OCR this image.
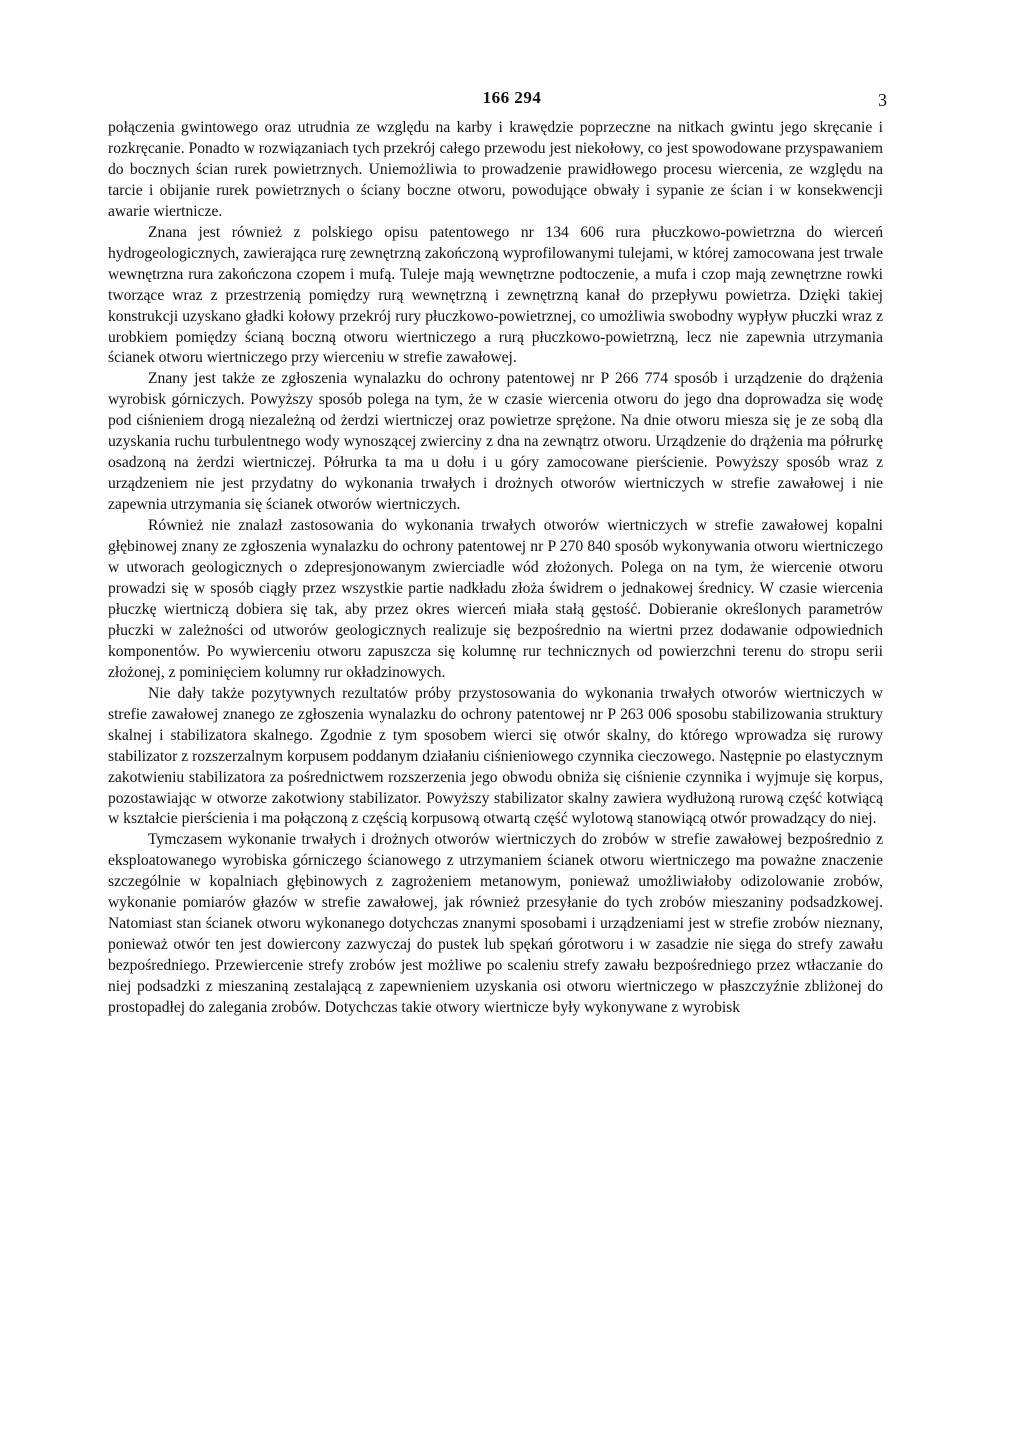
166 294	3

połączenia gwintowego oraz utrudnia ze względu na karby i krawędzie poprzeczne na nitkach gwintu jego skręcanie i rozkręcanie. Ponadto w rozwiązaniach tych przekrój całego przewodu jest niekołowy, co jest spowodowane przyspawaniem do bocznych ścian rurek powietrznych. Uniemożliwia to prowadzenie prawidłowego procesu wiercenia, ze względu na tarcie i obijanie rurek powietrznych o ściany boczne otworu, powodujące obwały i sypanie ze ścian i w konsekwencji awarie wiertnicze.

Znana jest również z polskiego opisu patentowego nr 134 606 rura płuczkowo-powietrzna do wierceń hydrogeologicznych, zawierająca rurę zewnętrzną zakończoną wyprofilowanymi tulejami, w której zamocowana jest trwale wewnętrzna rura zakończona czopem i mufą. Tuleje mają wewnętrzne podtoczenie, a mufa i czop mają zewnętrzne rowki tworzące wraz z przestrzenią pomiędzy rurą wewnętrzną i zewnętrzną kanał do przepływu powietrza. Dzięki takiej konstrukcji uzyskano gładki kołowy przekrój rury płuczkowo-powietrznej, co umożliwia swobodny wypływ płuczki wraz z urobkiem pomiędzy ścianą boczną otworu wiertniczego a rurą płuczkowo-powietrzną, lecz nie zapewnia utrzymania ścianek otworu wiertniczego przy wierceniu w strefie zawałowej.

Znany jest także ze zgłoszenia wynalazku do ochrony patentowej nr P 266 774 sposób i urządzenie do drążenia wyrobisk górniczych. Powyższy sposób polega na tym, że w czasie wiercenia otworu do jego dna doprowadza się wodę pod ciśnieniem drogą niezależną od żerdzi wiertniczej oraz powietrze sprężone. Na dnie otworu miesza się je ze sobą dla uzyskania ruchu turbulentnego wody wynoszącej zwierciny z dna na zewnątrz otworu. Urządzenie do drążenia ma półrurkę osadzoną na żerdzi wiertniczej. Półrurka ta ma u dołu i u góry zamocowane pierścienie. Powyższy sposób wraz z urządzeniem nie jest przydatny do wykonania trwałych i drożnych otworów wiertniczych w strefie zawałowej i nie zapewnia utrzymania się ścianek otworów wiertniczych.

Również nie znalazł zastosowania do wykonania trwałych otworów wiertniczych w strefie zawałowej kopalni głębinowej znany ze zgłoszenia wynalazku do ochrony patentowej nr P 270 840 sposób wykonywania otworu wiertniczego w utworach geologicznych o zdepresjonowanym zwierciadle wód złożonych. Polega on na tym, że wiercenie otworu prowadzi się w sposób ciągły przez wszystkie partie nadkładu złoża świdrem o jednakowej średnicy. W czasie wiercenia płuczkę wiertniczą dobiera się tak, aby przez okres wierceń miała stałą gęstość. Dobieranie określonych parametrów płuczki w zależności od utworów geologicznych realizuje się bezpośrednio na wiertni przez dodawanie odpowiednich komponentów. Po wywierceniu otworu zapuszcza się kolumnę rur technicznych od powierzchni terenu do stropu serii złożonej, z pominięciem kolumny rur okładzinowych.

Nie dały także pozytywnych rezultatów próby przystosowania do wykonania trwałych otworów wiertniczych w strefie zawałowej znanego ze zgłoszenia wynalazku do ochrony patentowej nr P 263 006 sposobu stabilizowania struktury skalnej i stabilizatora skalnego. Zgodnie z tym sposobem wierci się otwór skalny, do którego wprowadza się rurowy stabilizator z rozszerzalnym korpusem poddanym działaniu ciśnieniowego czynnika cieczowego. Następnie po elastycznym zakotwieniu stabilizatora za pośrednictwem rozszerzenia jego obwodu obniża się ciśnienie czynnika i wyjmuje się korpus, pozostawiając w otworze zakotwiony stabilizator. Powyższy stabilizator skalny zawiera wydłużoną rurową część kotwiącą w kształcie pierścienia i ma połączoną z częścią korpusową otwartą część wylotową stanowiącą otwór prowadzący do niej.

Tymczasem wykonanie trwałych i drożnych otworów wiertniczych do zrobów w strefie zawałowej bezpośrednio z eksploatowanego wyrobiska górniczego ścianowego z utrzymaniem ścianek otworu wiertniczego ma poważne znaczenie szczególnie w kopalniach głębinowych z zagrożeniem metanowym, ponieważ umożliwiałoby odizolowanie zrobów, wykonanie pomiarów głazów w strefie zawałowej, jak również przesyłanie do tych zrobów mieszaniny podsadzkowej. Natomiast stan ścianek otworu wykonanego dotychczas znanymi sposobami i urządzeniami jest w strefie zrobów nieznany, ponieważ otwór ten jest dowiercony zazwyczaj do pustek lub spękań górotworu i w zasadzie nie sięga do strefy zawału bezpośredniego. Przewiercenie strefy zrobów jest możliwe po scaleniu strefy zawału bezpośredniego przez wtłaczanie do niej podsadzki z mieszaniną zestalającą z zapewnieniem uzyskania osi otworu wiertniczego w płaszczyźnie zbliżonej do prostopadłej do zalegania zrobów. Dotychczas takie otwory wiertnicze były wykonywane z wyrobisk
